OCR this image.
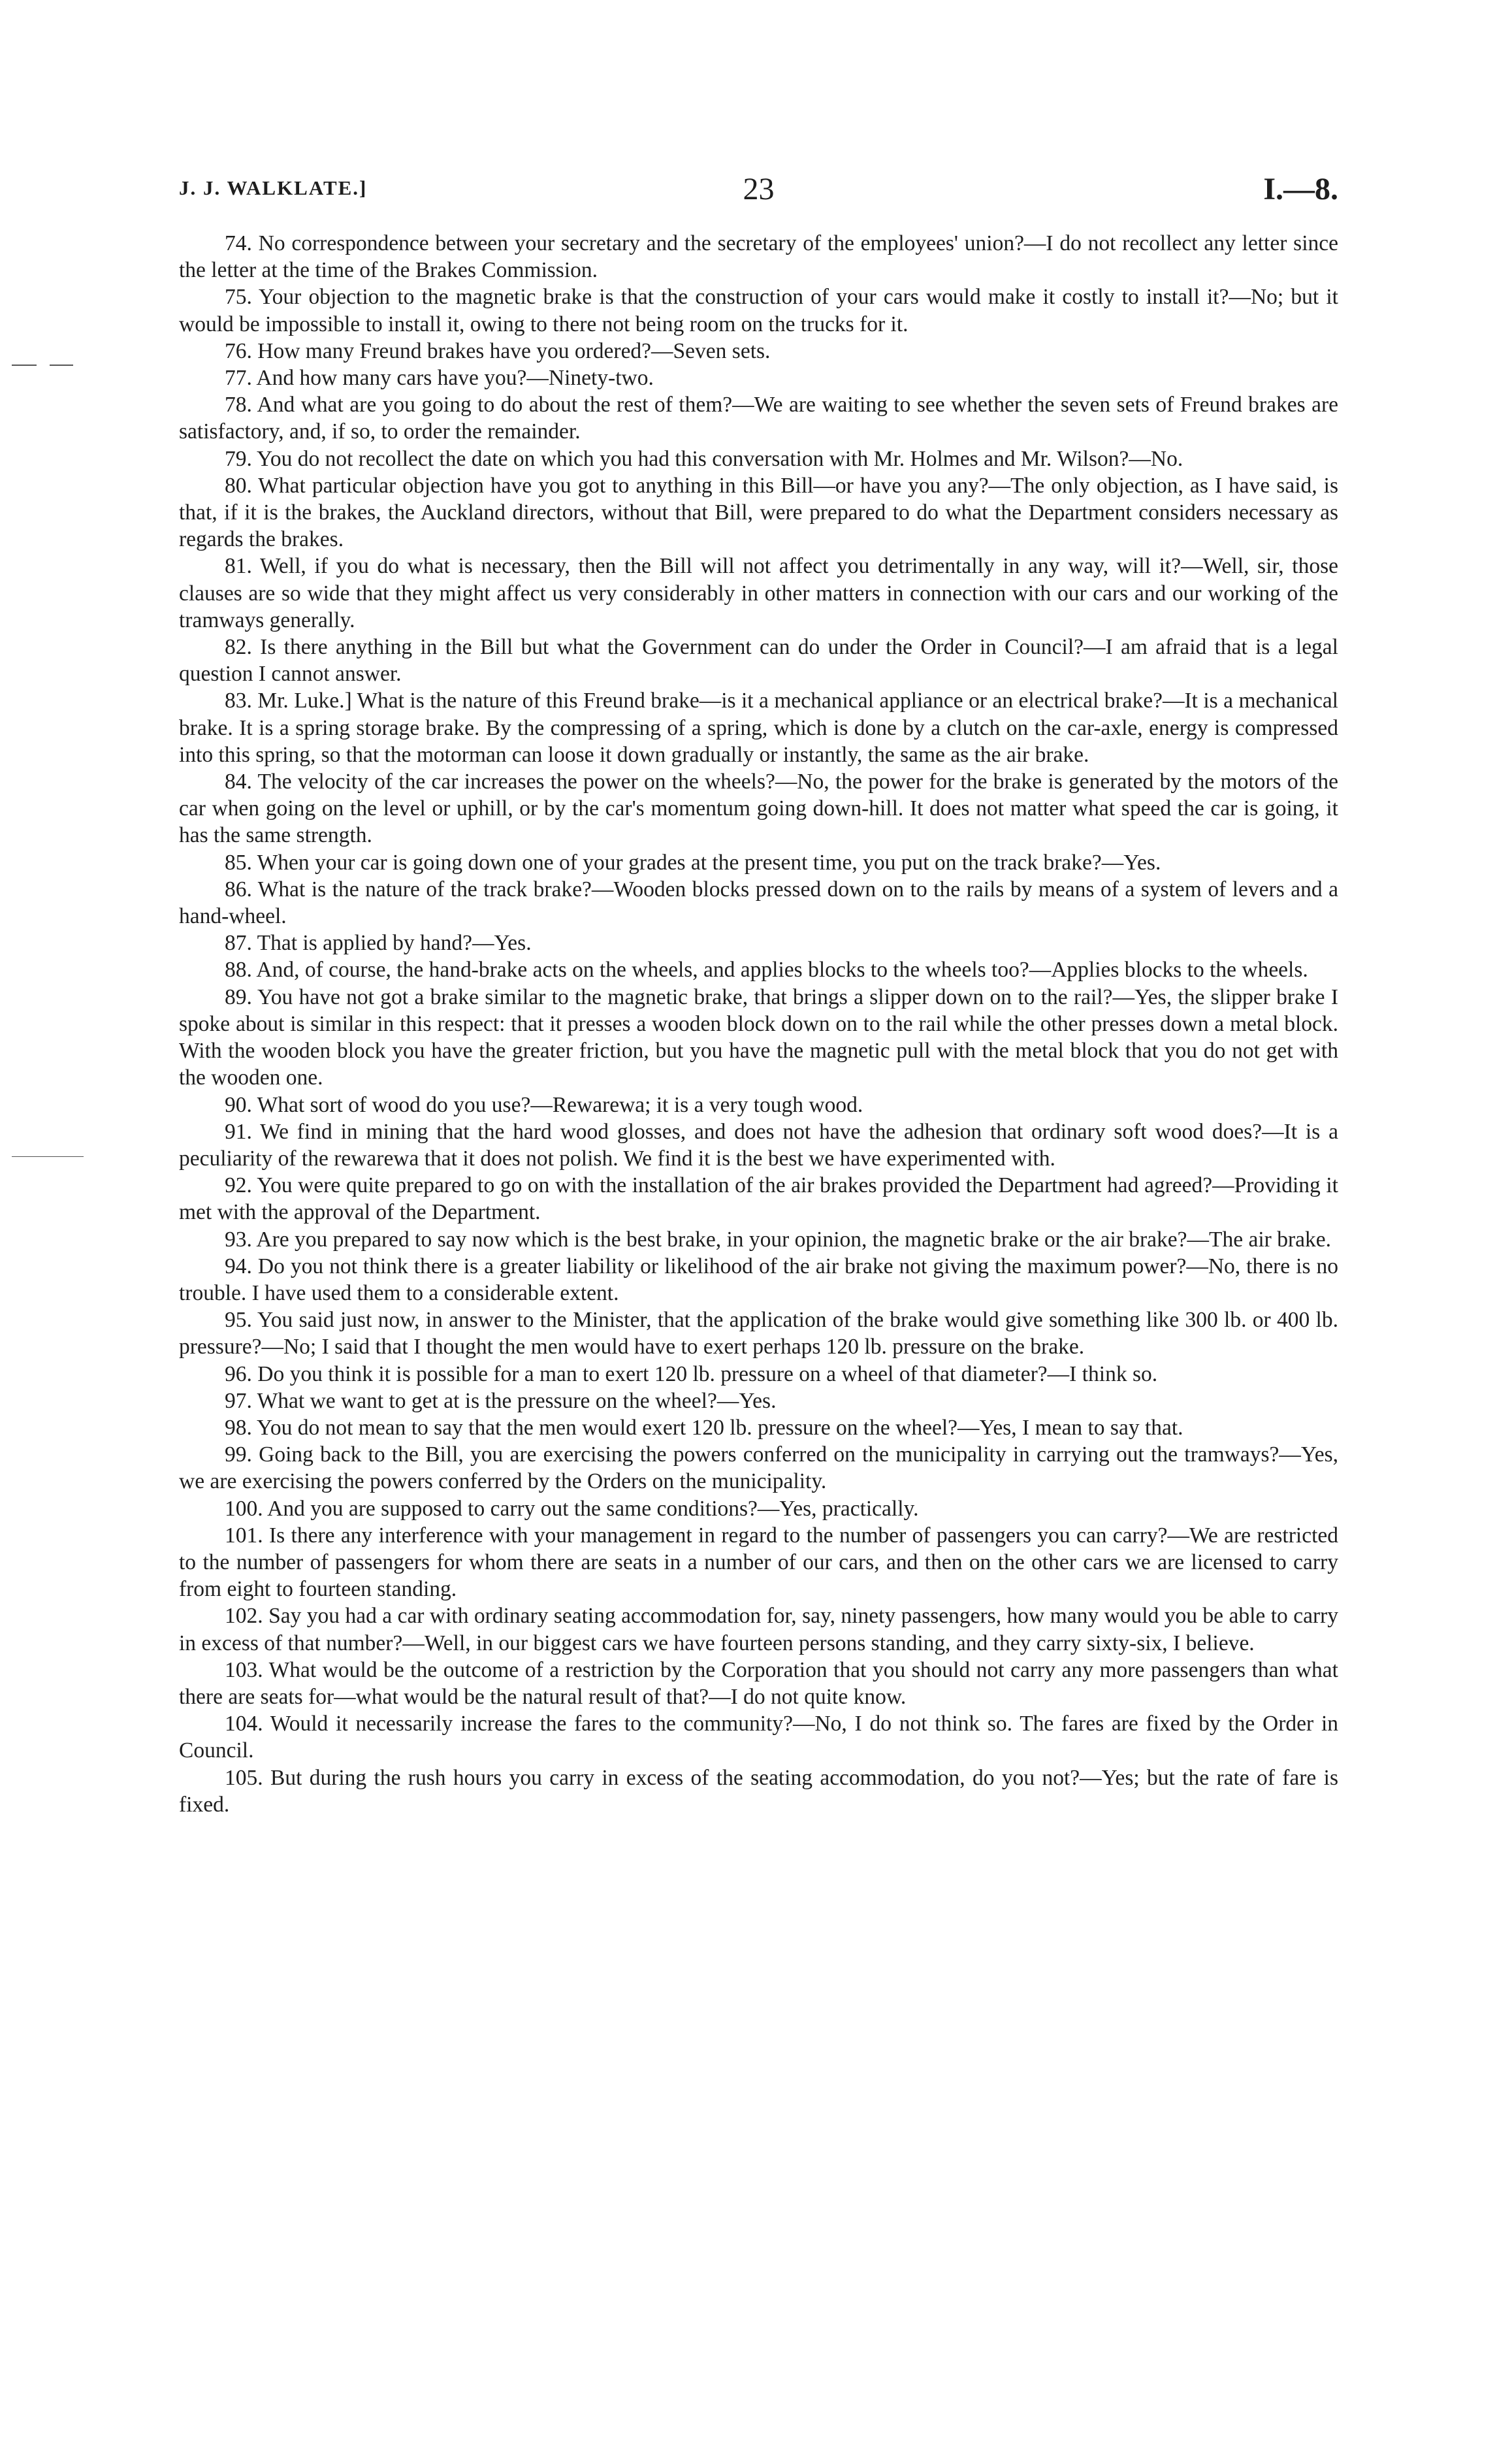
J. J. WALKLATE.]	23	I.—8.

74. No correspondence between your secretary and the secretary of the employees' union?—I do not recollect any letter since the letter at the time of the Brakes Commission.

75. Your objection to the magnetic brake is that the construction of your cars would make it costly to install it?—No; but it would be impossible to install it, owing to there not being room on the trucks for it.

76. How many Freund brakes have you ordered?—Seven sets.

77. And how many cars have you?—Ninety-two.

78. And what are you going to do about the rest of them?—We are waiting to see whether the seven sets of Freund brakes are satisfactory, and, if so, to order the remainder.

79. You do not recollect the date on which you had this conversation with Mr. Holmes and Mr. Wilson?—No.

80. What particular objection have you got to anything in this Bill—or have you any?—The only objection, as I have said, is that, if it is the brakes, the Auckland directors, without that Bill, were prepared to do what the Department considers necessary as regards the brakes.

81. Well, if you do what is necessary, then the Bill will not affect you detrimentally in any way, will it?—Well, sir, those clauses are so wide that they might affect us very considerably in other matters in connection with our cars and our working of the tramways generally.

82. Is there anything in the Bill but what the Government can do under the Order in Council?—I am afraid that is a legal question I cannot answer.

83. Mr. Luke.] What is the nature of this Freund brake—is it a mechanical appliance or an electrical brake?—It is a mechanical brake. It is a spring storage brake. By the compressing of a spring, which is done by a clutch on the car-axle, energy is compressed into this spring, so that the motorman can loose it down gradually or instantly, the same as the air brake.

84. The velocity of the car increases the power on the wheels?—No, the power for the brake is generated by the motors of the car when going on the level or uphill, or by the car's momentum going down-hill. It does not matter what speed the car is going, it has the same strength.

85. When your car is going down one of your grades at the present time, you put on the track brake?—Yes.

86. What is the nature of the track brake?—Wooden blocks pressed down on to the rails by means of a system of levers and a hand-wheel.

87. That is applied by hand?—Yes.

88. And, of course, the hand-brake acts on the wheels, and applies blocks to the wheels too?—Applies blocks to the wheels.

89. You have not got a brake similar to the magnetic brake, that brings a slipper down on to the rail?—Yes, the slipper brake I spoke about is similar in this respect: that it presses a wooden block down on to the rail while the other presses down a metal block. With the wooden block you have the greater friction, but you have the magnetic pull with the metal block that you do not get with the wooden one.

90. What sort of wood do you use?—Rewarewa; it is a very tough wood.

91. We find in mining that the hard wood glosses, and does not have the adhesion that ordinary soft wood does?—It is a peculiarity of the rewarewa that it does not polish. We find it is the best we have experimented with.

92. You were quite prepared to go on with the installation of the air brakes provided the Department had agreed?—Providing it met with the approval of the Department.

93. Are you prepared to say now which is the best brake, in your opinion, the magnetic brake or the air brake?—The air brake.

94. Do you not think there is a greater liability or likelihood of the air brake not giving the maximum power?—No, there is no trouble. I have used them to a considerable extent.

95. You said just now, in answer to the Minister, that the application of the brake would give something like 300 lb. or 400 lb. pressure?—No; I said that I thought the men would have to exert perhaps 120 lb. pressure on the brake.

96. Do you think it is possible for a man to exert 120 lb. pressure on a wheel of that diameter?—I think so.

97. What we want to get at is the pressure on the wheel?—Yes.

98. You do not mean to say that the men would exert 120 lb. pressure on the wheel?—Yes, I mean to say that.

99. Going back to the Bill, you are exercising the powers conferred on the municipality in carrying out the tramways?—Yes, we are exercising the powers conferred by the Orders on the municipality.

100. And you are supposed to carry out the same conditions?—Yes, practically.

101. Is there any interference with your management in regard to the number of passengers you can carry?—We are restricted to the number of passengers for whom there are seats in a number of our cars, and then on the other cars we are licensed to carry from eight to fourteen standing.

102. Say you had a car with ordinary seating accommodation for, say, ninety passengers, how many would you be able to carry in excess of that number?—Well, in our biggest cars we have fourteen persons standing, and they carry sixty-six, I believe.

103. What would be the outcome of a restriction by the Corporation that you should not carry any more passengers than what there are seats for—what would be the natural result of that?—I do not quite know.

104. Would it necessarily increase the fares to the community?—No, I do not think so. The fares are fixed by the Order in Council.

105. But during the rush hours you carry in excess of the seating accommodation, do you not?—Yes; but the rate of fare is fixed.
